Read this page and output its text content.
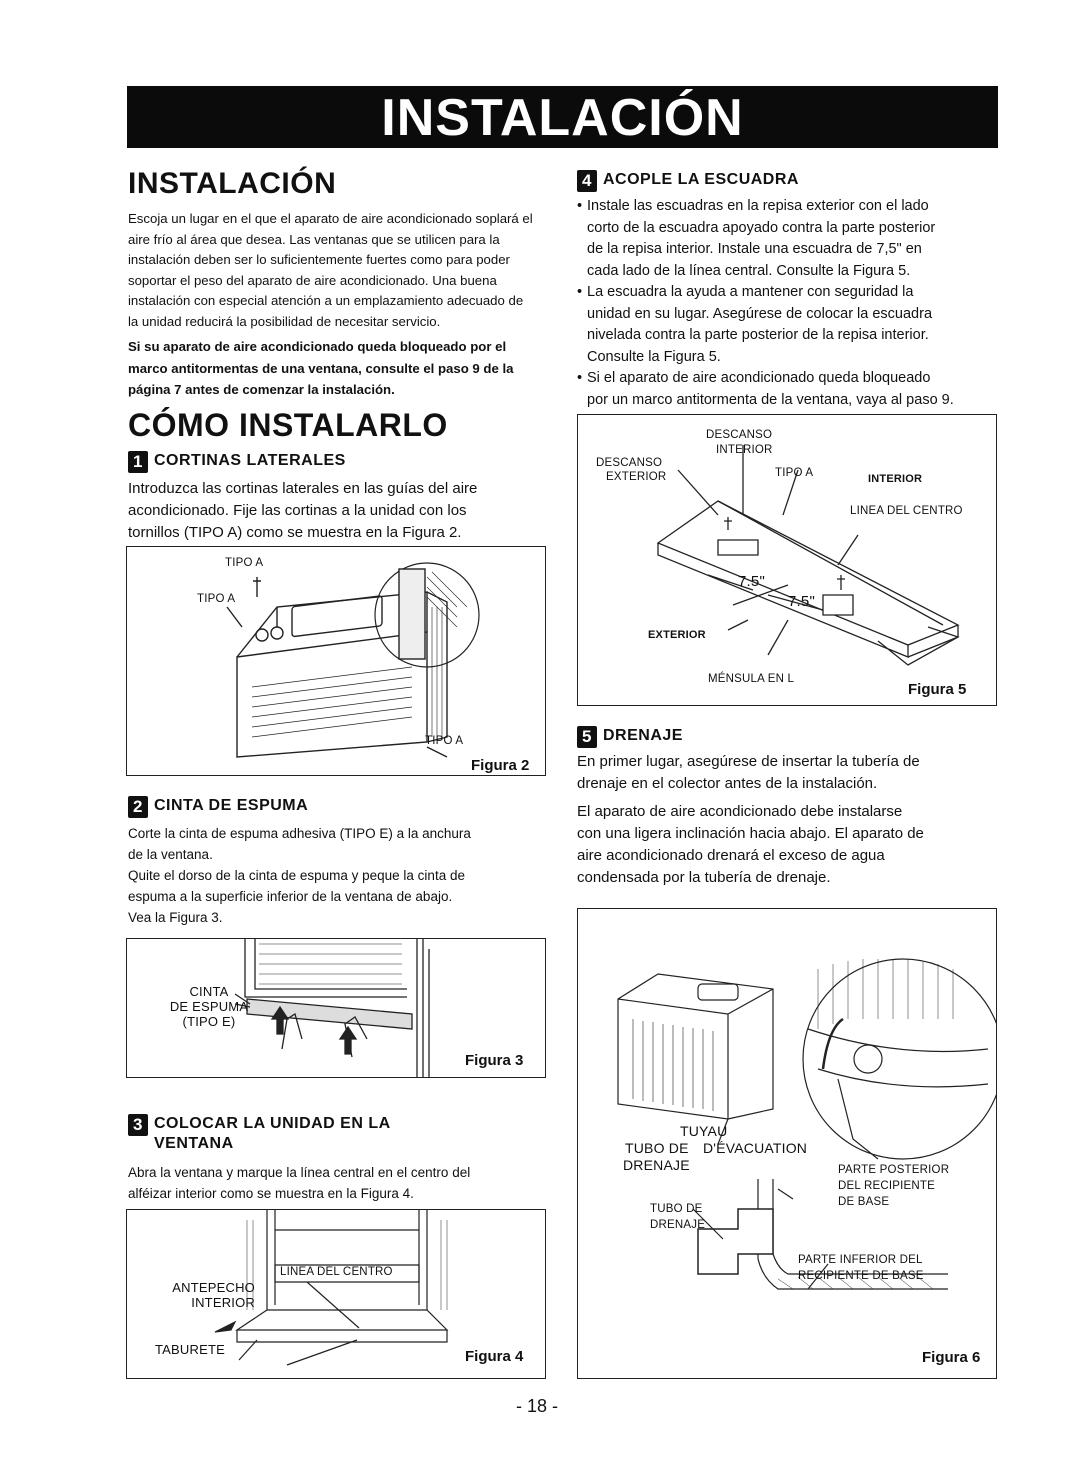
INSTALACIÓN
INSTALACIÓN
Escoja un lugar en el que el aparato de aire acondicionado soplará el
aire frío al área que desea. Las ventanas que se utilicen para la
instalación deben ser lo suficientemente fuertes como para poder
soportar el peso del aparato de aire acondicionado. Una buena
instalación con especial atención a un emplazamiento adecuado de
la unidad reducirá la posibilidad de necesitar servicio.
Si su aparato de aire acondicionado queda bloqueado por el
marco antitormentas de una ventana, consulte el paso 9 de la
página 7 antes de comenzar la instalación.
CÓMO INSTALARLO
1 CORTINAS LATERALES
Introduzca las cortinas laterales en las guías del aire
acondicionado. Fije las cortinas a la unidad con los
tornillos (TIPO A) como se muestra en la Figura 2.
TIPO A
TIPO A
TIPO A
Figura 2
2 CINTA DE ESPUMA
Corte la cinta de espuma adhesiva (TIPO E) a la anchura
de la ventana.
Quite el dorso de la cinta de espuma y peque la cinta de
espuma a la superficie inferior de la ventana de abajo.
Vea la Figura 3.
CINTA
DE ESPUMA
(TIPO E)
Figura 3
3 COLOCAR LA UNIDAD EN LA
VENTANA
Abra la ventana y marque la línea central en el centro del
alféizar interior como se muestra en la Figura 4.
LINEA DEL CENTRO
ANTEPECHO
INTERIOR
TABURETE	Figura 4
4 ACOPLE LA ESCUADRA
• Instale las escuadras en la repisa exterior con el lado
corto de la escuadra apoyado contra la parte posterior
de la repisa interior. Instale una escuadra de 7,5" en
cada lado de la línea central. Consulte la Figura 5.
• La escuadra la ayuda a mantener con seguridad la
unidad en su lugar. Asegúrese de colocar la escuadra
nivelada contra la parte posterior de la repisa interior.
Consulte la Figura 5.
• Si el aparato de aire acondicionado queda bloqueado
por un marco antitormenta de la ventana, vaya al paso 9.
DESCANSO
INTERIOR
DESCANSO
EXTERIOR	TIPO A	INTERIOR
LINEA DEL CENTRO
7.5"
7.5"
EXTERIOR
MÉNSULA EN L
Figura 5
5 DRENAJE
En primer lugar, asegúrese de insertar la tubería de
drenaje en el colector antes de la instalación.
El aparato de aire acondicionado debe instalarse
con una ligera inclinación hacia abajo. El aparato de
aire acondicionado drenará el exceso de agua
condensada por la tubería de drenaje.
TUYAU
D'ÉVACUATION
TUBO DE
DRENAJE	PARTE POSTERIOR
DEL RECIPIENTE
DE BASE
TUBO DE
DRENAJE
PARTE INFERIOR DEL
RECIPIENTE DE BASE
Figura 6
- 18 -
